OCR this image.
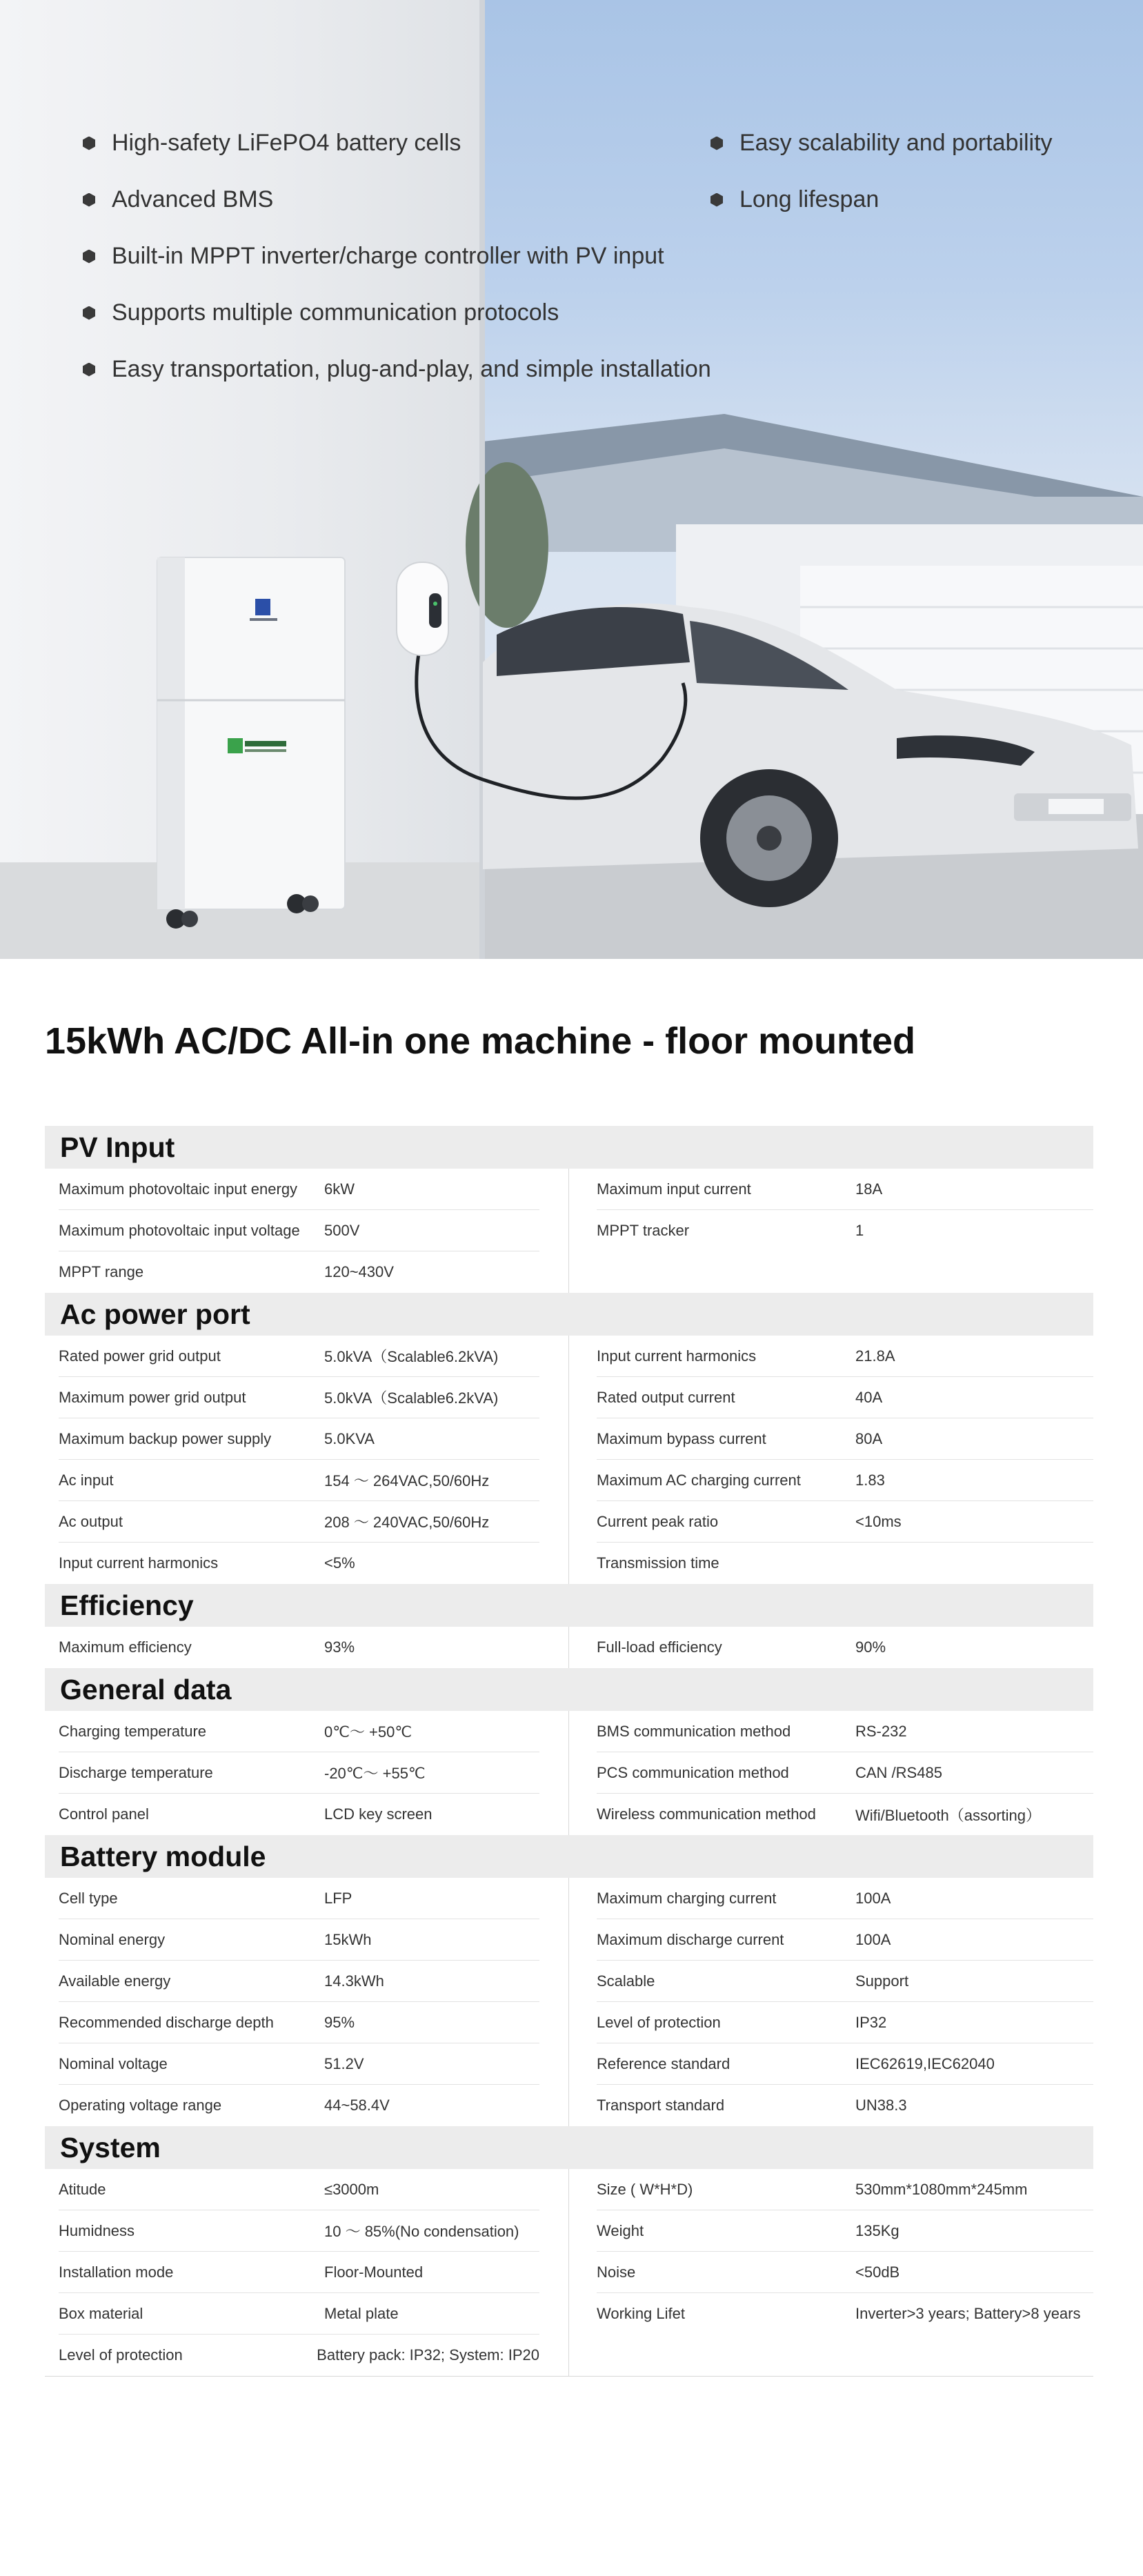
High-safety LiFePO4 battery cells
Advanced BMS
Built-in MPPT inverter/charge controller with PV input
Supports multiple communication protocols
Easy transportation, plug-and-play, and simple installation
Easy scalability and portability
Long lifespan
15kWh AC/DC All-in one machine - floor mounted
PV Input
Maximum photovoltaic input energy	6kW
Maximum photovoltaic input voltage	500V
MPPT range	120~430V
Maximum input current	18A
MPPT tracker	1
Ac power port
Rated power grid output	5.0kVA（Scalable6.2kVA)
Maximum power grid output	5.0kVA（Scalable6.2kVA)
Maximum backup power supply	5.0KVA
Ac input	154 ～ 264VAC,50/60Hz
Ac output	208 ～ 240VAC,50/60Hz
Input current harmonics	<5%
Input current harmonics	21.8A
Rated output current	40A
Maximum bypass current	80A
Maximum AC charging current	1.83
Current peak ratio	<10ms
Transmission time
Efficiency
Maximum efficiency	93%	Full-load efficiency	90%
General data
Charging temperature	0℃～ +50℃
Discharge temperature	-20℃～ +55℃
Control panel	LCD key screen
BMS communication method	RS-232
PCS communication method	CAN /RS485
Wireless communication method	Wifi/Bluetooth（assorting）
Battery module
Cell type	LFP
Nominal energy	15kWh
Available energy	14.3kWh
Recommended discharge depth	95%
Nominal voltage	51.2V
Operating voltage range	44~58.4V
Maximum charging current	100A
Maximum discharge current	100A
Scalable	Support
Level of protection	IP32
Reference standard	IEC62619,IEC62040
Transport standard	UN38.3
System
Atitude	≤3000m
Humidness	10 ～ 85%(No condensation)
Installation mode	Floor-Mounted
Box material	Metal plate
Level of protection	Battery pack: IP32; System: IP20
Size ( W*H*D)	530mm*1080mm*245mm
Weight	135Kg
Noise	<50dB
Working Lifet	Inverter>3 years; Battery>8 years
